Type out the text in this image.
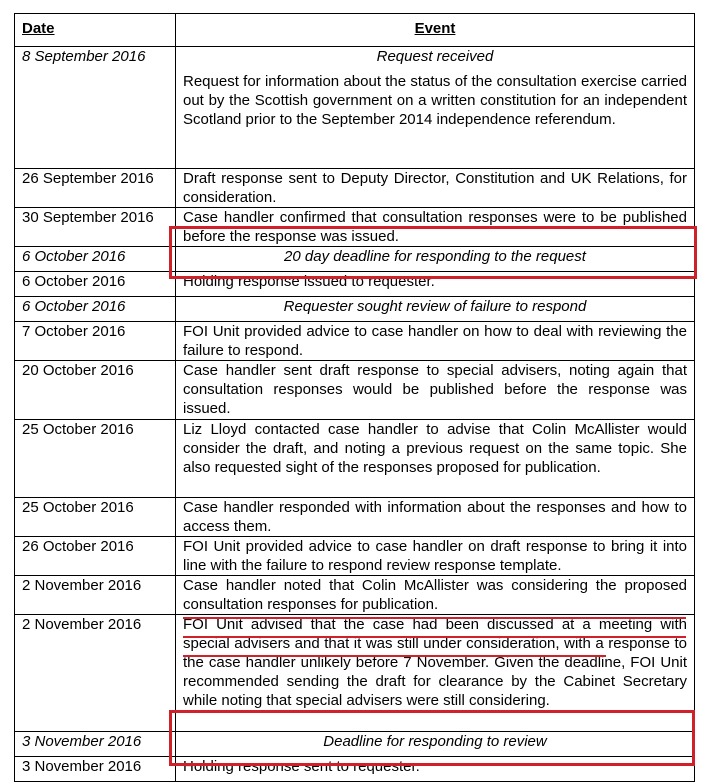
Date	Event
8 September 2016	Request received
Request for information about the status of the consultation exercise carried out by the Scottish government on a written constitution for an independent Scotland prior to the September 2014 independence referendum.

26 September 2016	Draft response sent to Deputy Director, Constitution and UK Relations, for consideration.
30 September 2016	Case handler confirmed that consultation responses were to be published before the response was issued.
6 October 2016	20 day deadline for responding to the request
6 October 2016	Holding response issued to requester.
6 October 2016	Requester sought review of failure to respond
7 October 2016	FOI Unit provided advice to case handler on how to deal with reviewing the failure to respond.
20 October 2016	Case handler sent draft response to special advisers, noting again that consultation responses would be published before the response was issued.
25 October 2016	Liz Lloyd contacted case handler to advise that Colin McAllister would consider the draft, and noting a previous request on the same topic. She also requested sight of the responses proposed for publication.
25 October 2016	Case handler responded with information about the responses and how to access them.
26 October 2016	FOI Unit provided advice to case handler on draft response to bring it into line with the failure to respond review response template.
2 November 2016	Case handler noted that Colin McAllister was considering the proposed consultation responses for publication.
2 November 2016	FOI Unit advised that the case had been discussed at a meeting with special advisers and that it was still under consideration, with a response to the case handler unlikely before 7 November. Given the deadline, FOI Unit recommended sending the draft for clearance by the Cabinet Secretary while noting that special advisers were still considering.
3 November 2016	Deadline for responding to review
3 November 2016	Holding response sent to requester.
